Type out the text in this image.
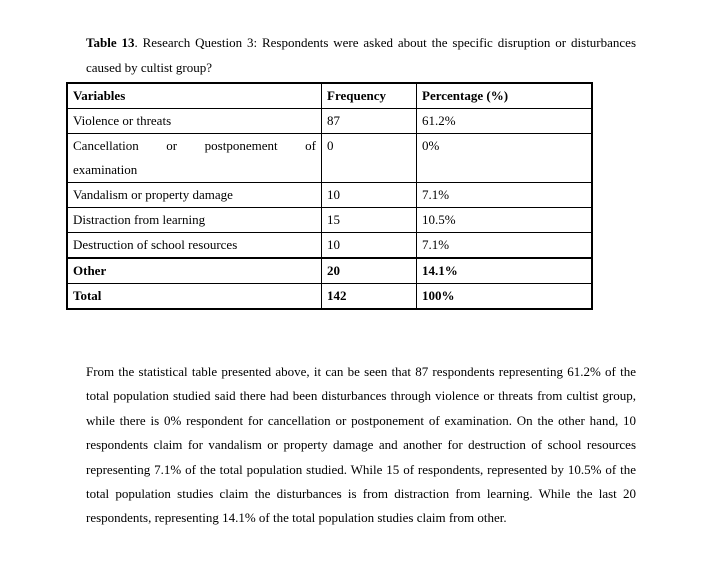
Table 13. Research Question 3: Respondents were asked about the specific disruption or disturbances caused by cultist group?
Variables	Frequency	Percentage (%)
Violence or threats	87	61.2%

Cancellation or postponement of
examination	0	0%
Vandalism or property damage	10	7.1%
Distraction from learning	15	10.5%
Destruction of school resources	10	7.1%
Other	20	14.1%
Total	142	100%
From the statistical table presented above, it can be seen that 87 respondents representing 61.2% of the total population studied said there had been disturbances through violence or threats from cultist group, while there is 0% respondent for cancellation or postponement of examination. On the other hand, 10 respondents claim for vandalism or property damage and another for destruction of school resources representing 7.1% of the total population studied. While 15 of respondents, represented by 10.5% of the total population studies claim the disturbances is from distraction from learning. While the last 20 respondents, representing 14.1% of the total population studies claim from other.
